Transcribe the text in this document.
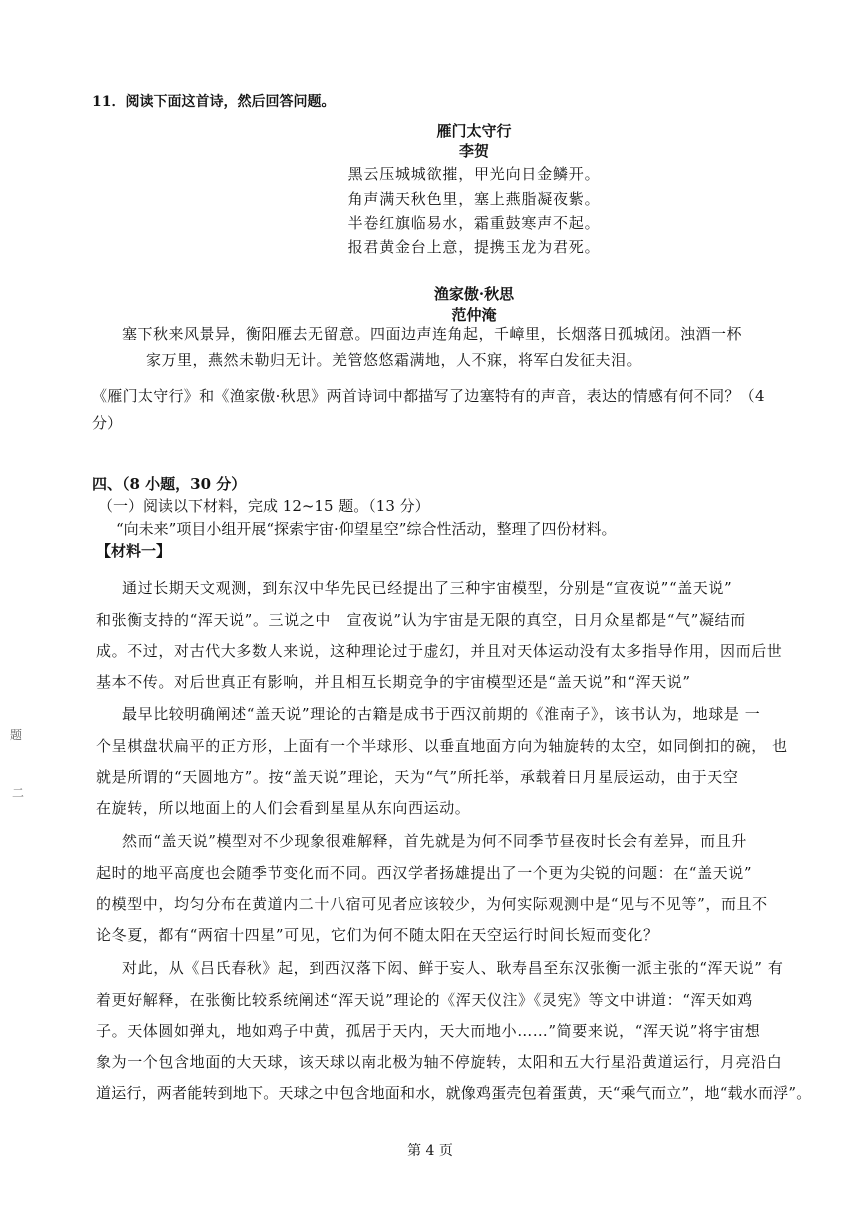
11．阅读下面这首诗，然后回答问题。
雁门太守行
李贺
黑云压城城欲摧，甲光向日金鳞开。
角声满天秋色里，塞上燕脂凝夜紫。
半卷红旗临易水，霜重鼓寒声不起。
报君黄金台上意，提携玉龙为君死。
渔家傲·秋思
范仲淹
塞下秋来风景异，衡阳雁去无留意。四面边声连角起，千嶂里，长烟落日孤城闭。浊酒一杯
家万里，燕然未勒归无计。羌管悠悠霜满地，人不寐，将军白发征夫泪。
《雁门太守行》和《渔家傲·秋思》两首诗词中都描写了边塞特有的声音，表达的情感有何不同？（4
分）
四、（8 小题，30 分）
（一）阅读以下材料，完成 12~15 题。（13 分）
“向未来”项目小组开展“探索宇宙·仰望星空”综合性活动，整理了四份材料。
【材料一】
通过长期天文观测，到东汉中华先民已经提出了三种宇宙模型，分别是“宣夜说”“盖天说”
和张衡支持的“浑天说”。三说之中　宣夜说”认为宇宙是无限的真空，日月众星都是“气”凝结而
成。不过，对古代大多数人来说，这种理论过于虚幻，并且对天体运动没有太多指导作用，因而后世
基本不传。对后世真正有影响，并且相互长期竞争的宇宙模型还是“盖天说”和“浑天说”
最早比较明确阐述“盖天说”理论的古籍是成书于西汉前期的《淮南子》，该书认为，地球是 一
个呈棋盘状扁平的正方形，上面有一个半球形、以垂直地面方向为轴旋转的太空，如同倒扣的碗， 也
就是所谓的“天圆地方”。按“盖天说”理论，天为“气”所托举，承载着日月星辰运动，由于天空
在旋转，所以地面上的人们会看到星星从东向西运动。
然而“盖天说”模型对不少现象很难解释，首先就是为何不同季节昼夜时长会有差异，而且升
起时的地平高度也会随季节变化而不同。西汉学者扬雄提出了一个更为尖锐的问题：在“盖天说”
的模型中，均匀分布在黄道内二十八宿可见者应该较少，为何实际观测中是“见与不见等”，而且不
论冬夏，都有“两宿十四星”可见，它们为何不随太阳在天空运行时间长短而变化？
对此，从《吕氏春秋》起，到西汉落下闳、鲜于妄人、耿寿昌至东汉张衡一派主张的“浑天说” 有
着更好解释，在张衡比较系统阐述“浑天说”理论的《浑天仪注》《灵宪》等文中讲道：“浑天如鸡
子。天体圆如弹丸，地如鸡子中黄，孤居于天内，天大而地小……”简要来说，“浑天说”将宇宙想
象为一个包含地面的大天球，该天球以南北极为轴不停旋转，太阳和五大行星沿黄道运行，月亮沿白
道运行，两者能转到地下。天球之中包含地面和水，就像鸡蛋壳包着蛋黄，天“乘气而立”，地“载水而浮”。
题
二
第 4 页
